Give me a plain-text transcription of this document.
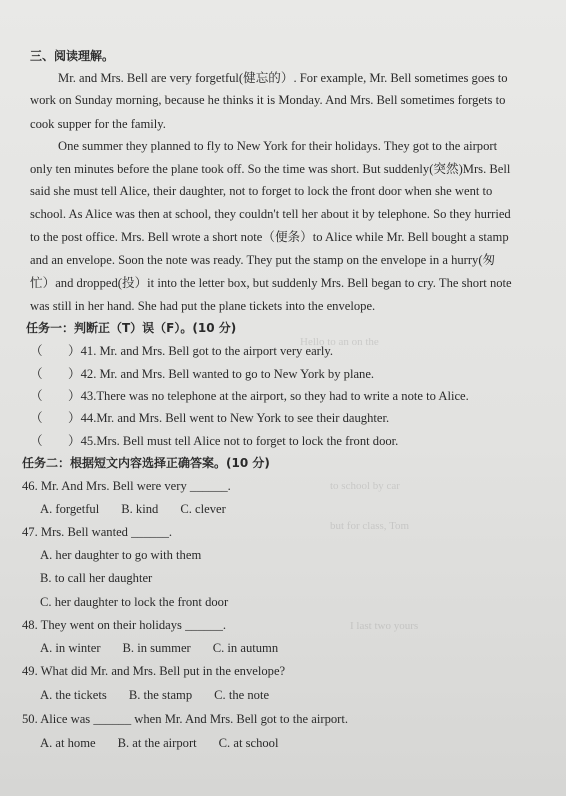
Hello to an on the
to school by car
but for class, Tom
I last two yours
三、阅读理解。
Mr. and Mrs. Bell are very forgetful(健忘的）. For example, Mr. Bell sometimes goes to
work on Sunday morning, because he thinks it is Monday. And Mrs. Bell sometimes forgets to
cook supper for the family.
One summer they planned to fly to New York for their holidays. They got to the airport
only ten minutes before the plane took off. So the time was short. But suddenly(突然)Mrs. Bell
said she must tell Alice, their daughter, not to forget to lock the front door when she went to
school. As Alice was then at school, they couldn't tell her about it by telephone. So they hurried
to the post office. Mrs. Bell wrote a short note（便条）to Alice while Mr. Bell bought a stamp
and an envelope. Soon the note was ready. They put the stamp on the envelope in a hurry(匆
忙）and dropped(投）it into the letter box, but suddenly Mrs. Bell began to cry. The short note
was still in her hand. She had put the plane tickets into the envelope.
任务一：判断正（T）误（F）。(10 分)
（ ）41. Mr. and Mrs. Bell got to the airport very early.
（ ）42. Mr. and Mrs. Bell wanted to go to New York by plane.
（ ）43.There was no telephone at the airport, so they had to write a note to Alice.
（ ）44.Mr. and Mrs. Bell went to New York to see their daughter.
（ ）45.Mrs. Bell must tell Alice not to forget to lock the front door.
任务二：根据短文内容选择正确答案。(10 分)
46. Mr. And Mrs. Bell were very ______.
A. forgetful B. kind C. clever
47. Mrs. Bell wanted ______.
A. her daughter to go with them
B. to call her daughter
C. her daughter to lock the front door
48. They went on their holidays ______.
A. in winter B. in summer C. in autumn
49. What did Mr. and Mrs. Bell put in the envelope?
A. the tickets B. the stamp C. the note
50. Alice was ______ when Mr. And Mrs. Bell got to the airport.
A. at home B. at the airport C. at school
